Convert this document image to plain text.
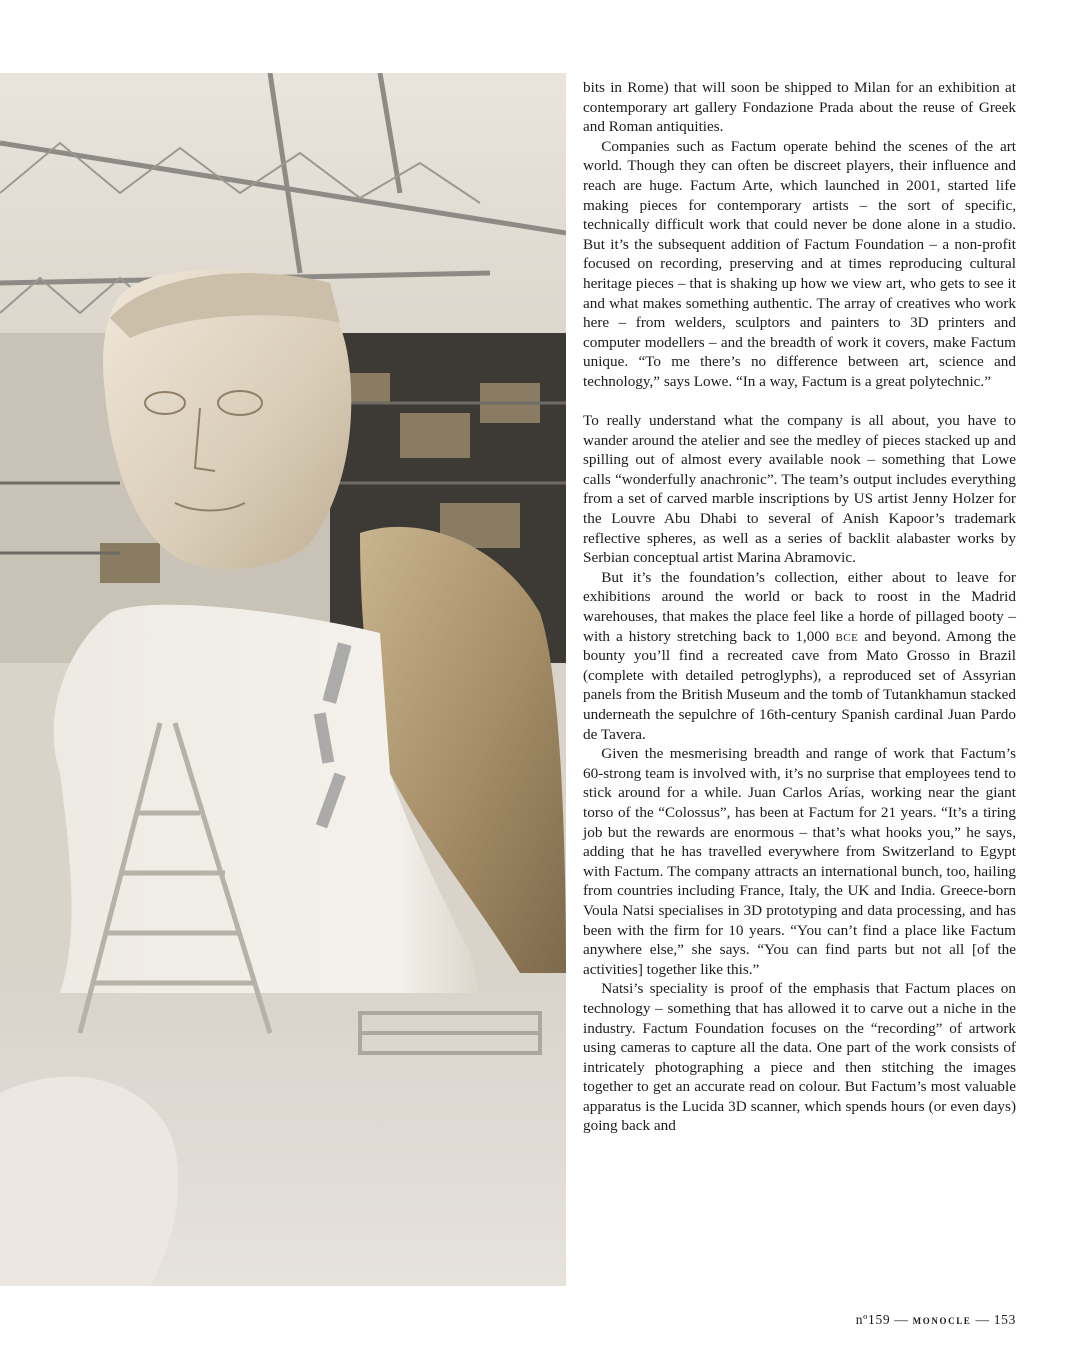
bits in Rome) that will soon be shipped to Milan for an exhibition at contemporary art gallery Fondazione Prada about the reuse of Greek and Roman antiquities.

Companies such as Factum operate behind the scenes of the art world. Though they can often be discreet players, their influence and reach are huge. Factum Arte, which launched in 2001, started life making pieces for contemporary artists – the sort of specific, technically difficult work that could never be done alone in a studio. But it’s the subsequent addition of Factum Foundation – a non-profit focused on recording, preserving and at times reproducing cultural heritage pieces – that is shaking up how we view art, who gets to see it and what makes something authentic. The array of creatives who work here – from welders, sculptors and painters to 3D printers and computer modellers – and the breadth of work it covers, make Factum unique. “To me there’s no difference between art, science and technology,” says Lowe. “In a way, Factum is a great polytechnic.”

To really understand what the company is all about, you have to wander around the atelier and see the medley of pieces stacked up and spilling out of almost every available nook – something that Lowe calls “wonderfully anachronic”. The team’s output includes everything from a set of carved marble inscriptions by US artist Jenny Holzer for the Louvre Abu Dhabi to several of Anish Kapoor’s trademark reflective spheres, as well as a series of backlit alabaster works by Serbian conceptual artist Marina Abramovic.

But it’s the foundation’s collection, either about to leave for exhibitions around the world or back to roost in the Madrid warehouses, that makes the place feel like a horde of pillaged booty – with a history stretching back to 1,000 bce and beyond. Among the bounty you’ll find a recreated cave from Mato Grosso in Brazil (complete with detailed petroglyphs), a reproduced set of Assyrian panels from the British Museum and the tomb of Tutankhamun stacked underneath the sepulchre of 16th-century Spanish cardinal Juan Pardo de Tavera.

Given the mesmerising breadth and range of work that Factum’s 60-strong team is involved with, it’s no surprise that employees tend to stick around for a while. Juan Carlos Arías, working near the giant torso of the “Colossus”, has been at Factum for 21 years. “It’s a tiring job but the rewards are enormous – that’s what hooks you,” he says, adding that he has travelled everywhere from Switzerland to Egypt with Factum. The company attracts an international bunch, too, hailing from countries including France, Italy, the UK and India. Greece-born Voula Natsi specialises in 3D prototyping and data processing, and has been with the firm for 10 years. “You can’t find a place like Factum anywhere else,” she says. “You can find parts but not all [of the activities] together like this.”

Natsi’s speciality is proof of the emphasis that Factum places on technology – something that has allowed it to carve out a niche in the industry. Factum Foundation focuses on the “recording” of artwork using cameras to capture all the data. One part of the work consists of intricately photographing a piece and then stitching the images together to get an accurate read on colour. But Factum’s most valuable apparatus is the Lucida 3D scanner, which spends hours (or even days) going back and

nº159 — monocle — 153
